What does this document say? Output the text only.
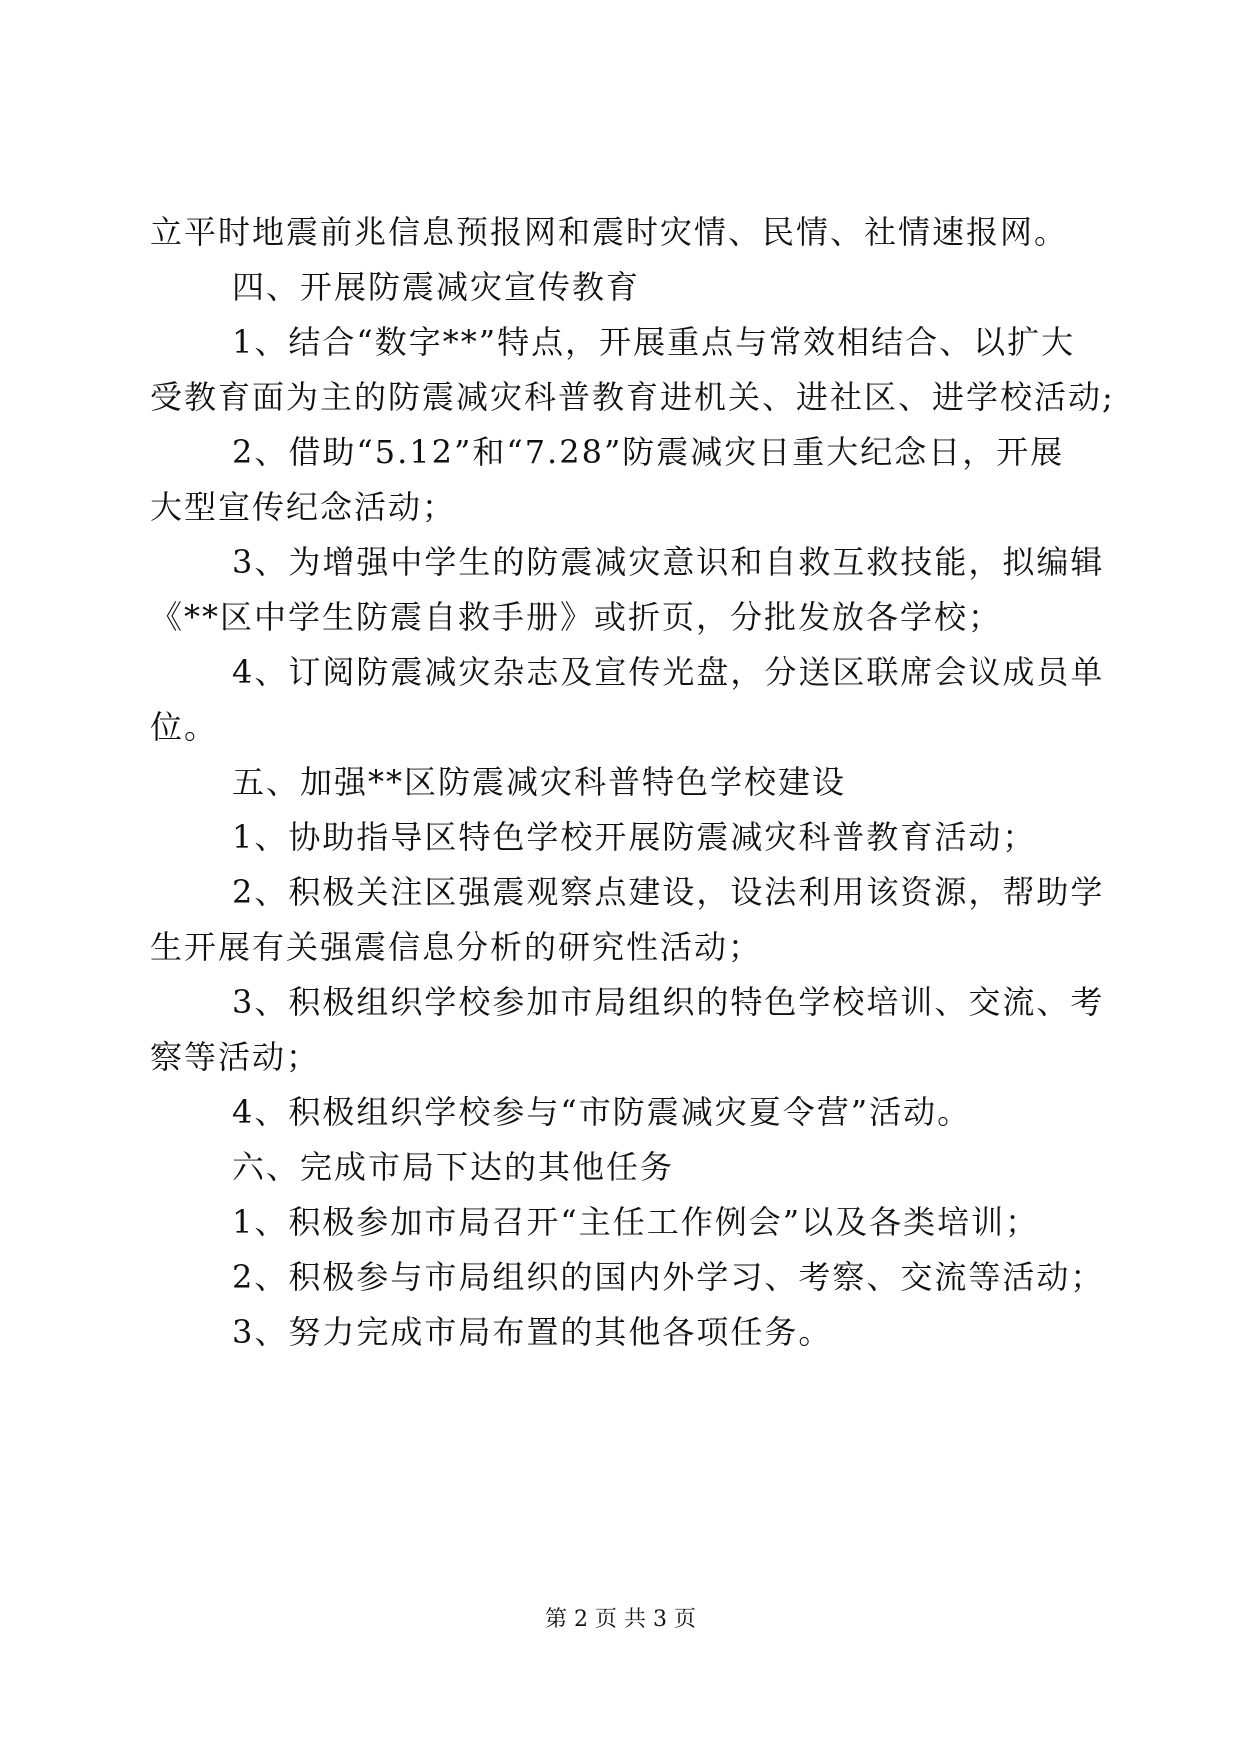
立平时地震前兆信息预报网和震时灾情、民情、社情速报网。
四、开展防震减灾宣传教育
1、结合“数字**”特点，开展重点与常效相结合、以扩大
受教育面为主的防震减灾科普教育进机关、进社区、进学校活动;
2、借助“5.12”和“7.28”防震减灾日重大纪念日，开展
大型宣传纪念活动；
3、为增强中学生的防震减灾意识和自救互救技能，拟编辑
《**区中学生防震自救手册》或折页，分批发放各学校；
4、订阅防震减灾杂志及宣传光盘，分送区联席会议成员单
位。
五、加强**区防震减灾科普特色学校建设
1、协助指导区特色学校开展防震减灾科普教育活动；
2、积极关注区强震观察点建设，设法利用该资源，帮助学
生开展有关强震信息分析的研究性活动；
3、积极组织学校参加市局组织的特色学校培训、交流、考
察等活动；
4、积极组织学校参与“市防震减灾夏令营”活动。
六、完成市局下达的其他任务
1、积极参加市局召开“主任工作例会”以及各类培训；
2、积极参与市局组织的国内外学习、考察、交流等活动；
3、努力完成市局布置的其他各项任务。
第 2 页 共 3 页
